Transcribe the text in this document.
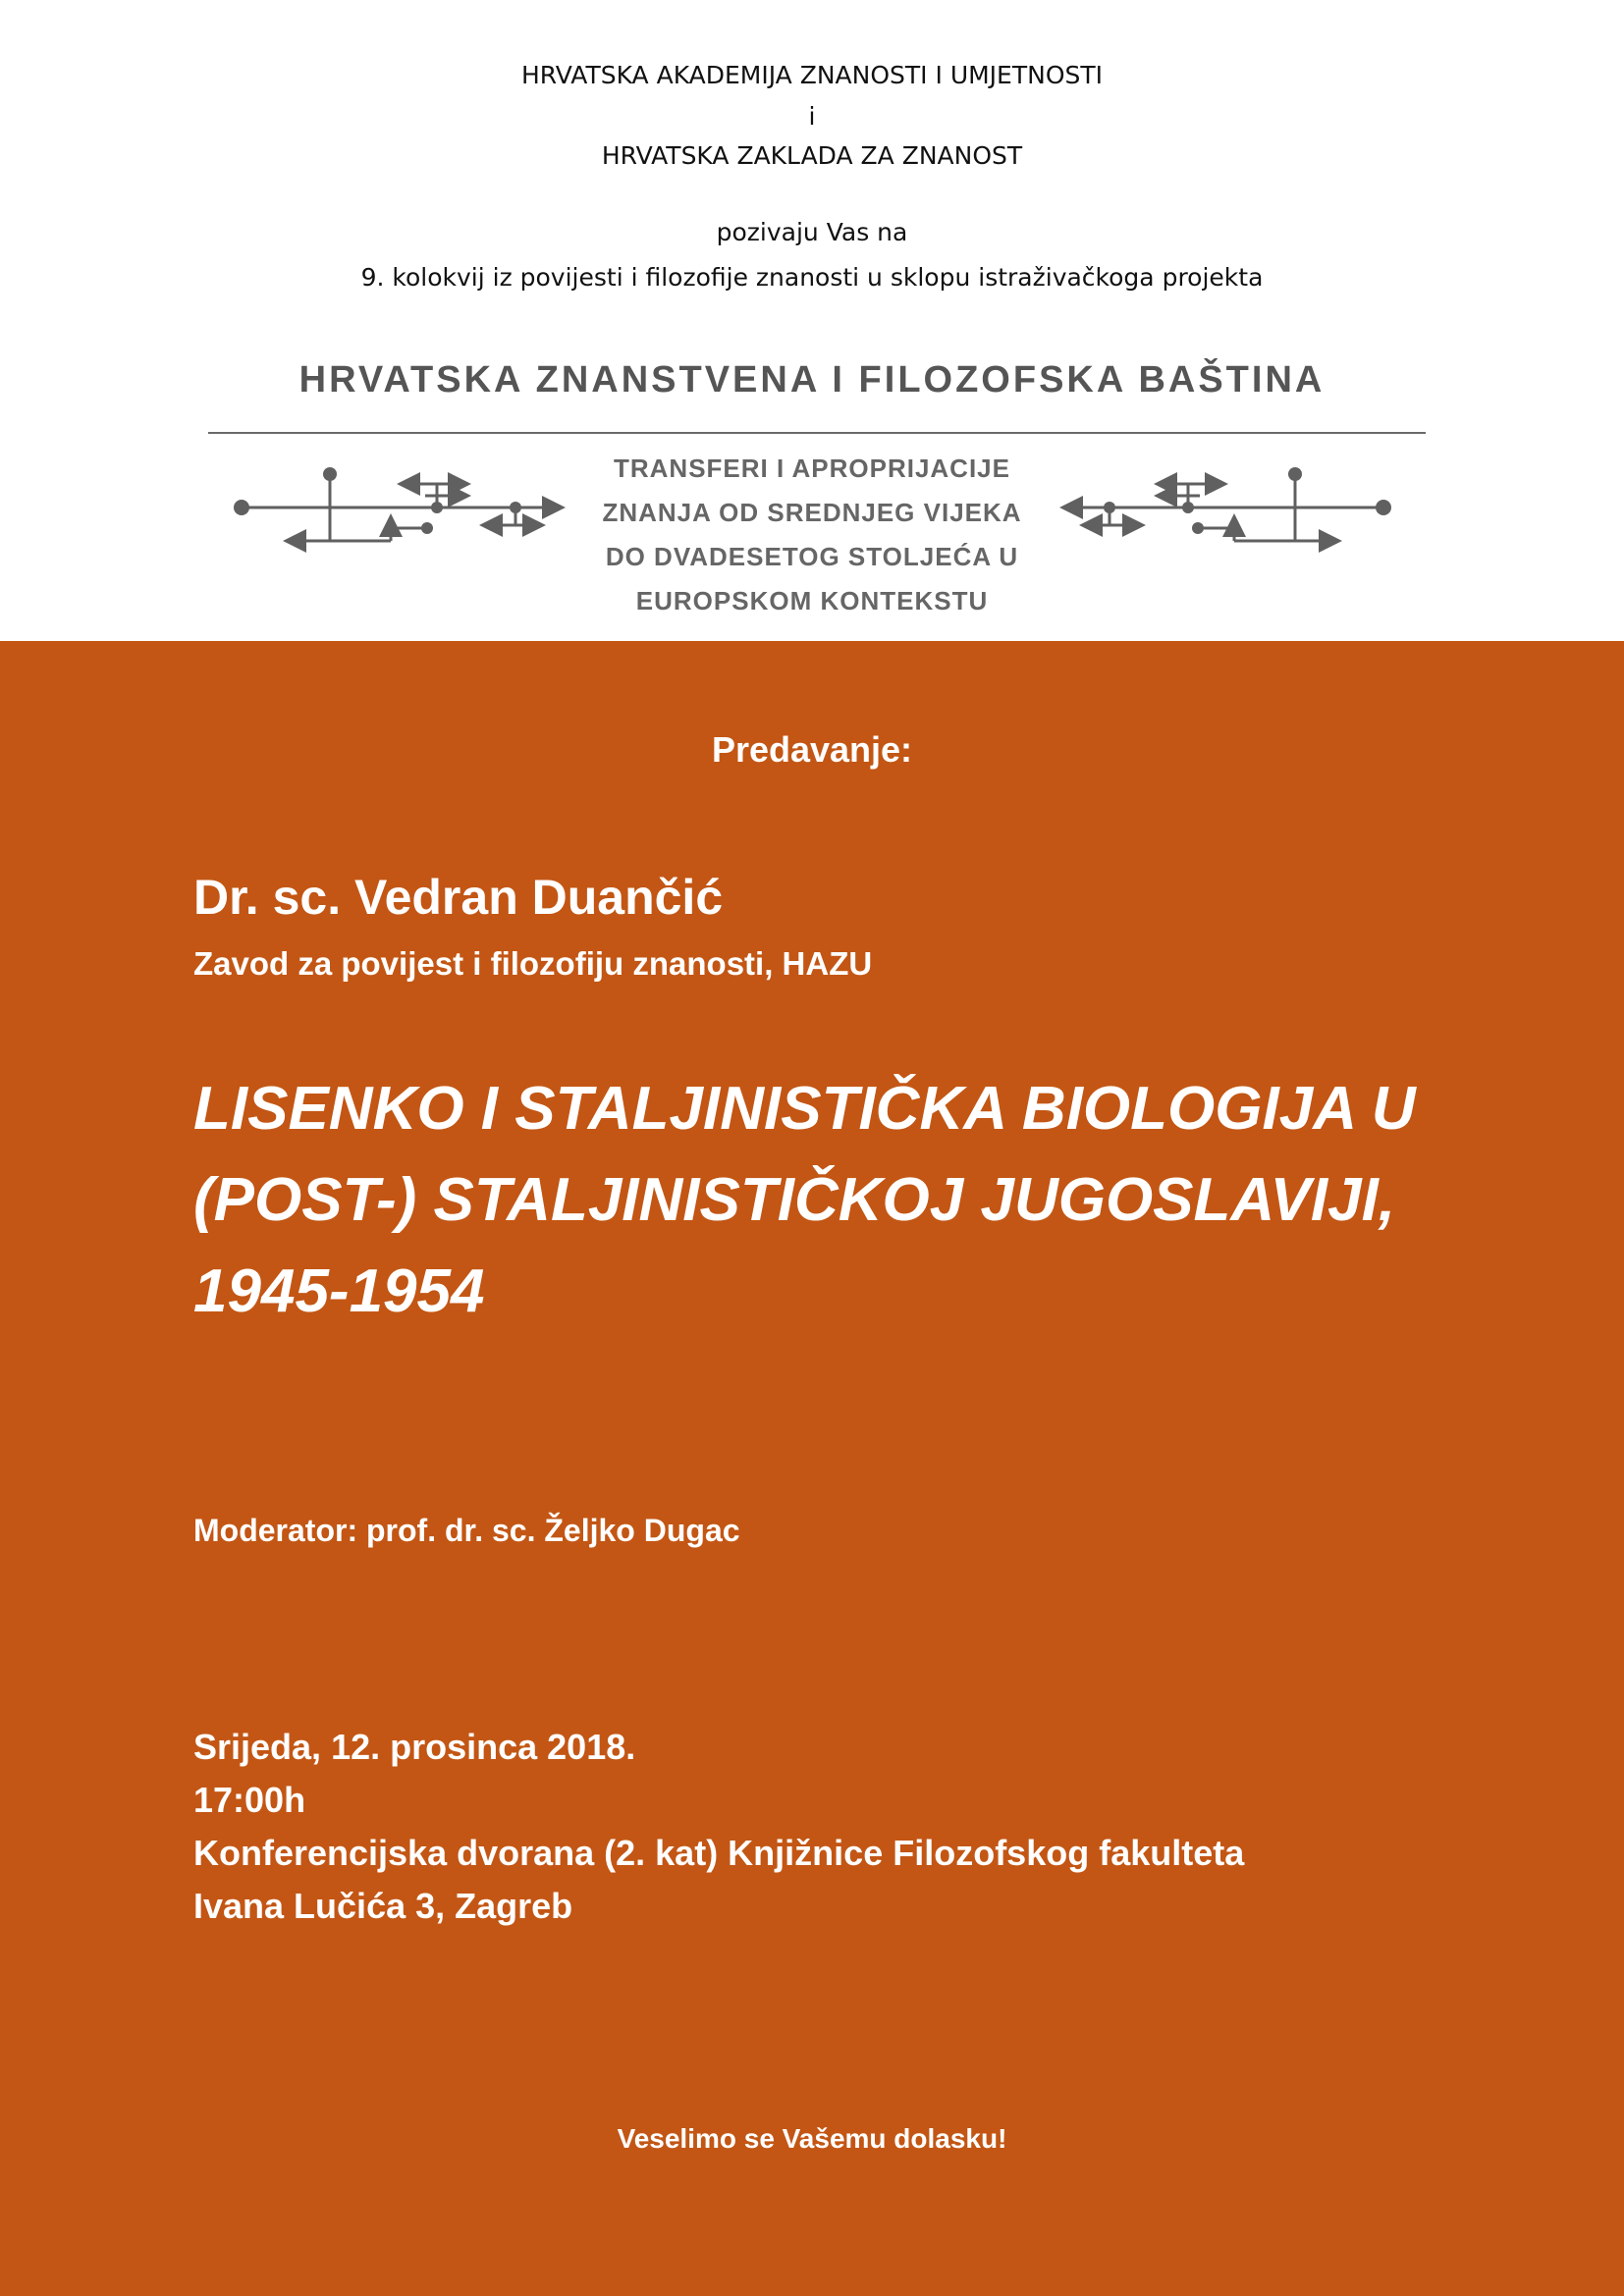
HRVATSKA AKADEMIJA ZNANOSTI I UMJETNOSTI
i
HRVATSKA ZAKLADA ZA ZNANOST
pozivaju Vas na
9. kolokvij iz povijesti i filozofije znanosti u sklopu istraživačkoga projekta
HRVATSKA ZNANSTVENA I FILOZOFSKA BAŠTINA
TRANSFERI I APROPRIJACIJE
ZNANJA OD SREDNJEG VIJEKA
DO DVADESETOG STOLJEĆA U
EUROPSKOM KONTEKSTU
Predavanje:
Dr. sc. Vedran Duančić
Zavod za povijest i filozofiju znanosti, HAZU
LISENKO I STALJINISTIČKA BIOLOGIJA U
(POST-) STALJINISTIČKOJ JUGOSLAVIJI,
1945-1954
Moderator: prof. dr. sc. Željko Dugac
Srijeda, 12. prosinca 2018.
17:00h
Konferencijska dvorana (2. kat) Knjižnice Filozofskog fakulteta
Ivana Lučića 3, Zagreb
Veselimo se Vašemu dolasku!
